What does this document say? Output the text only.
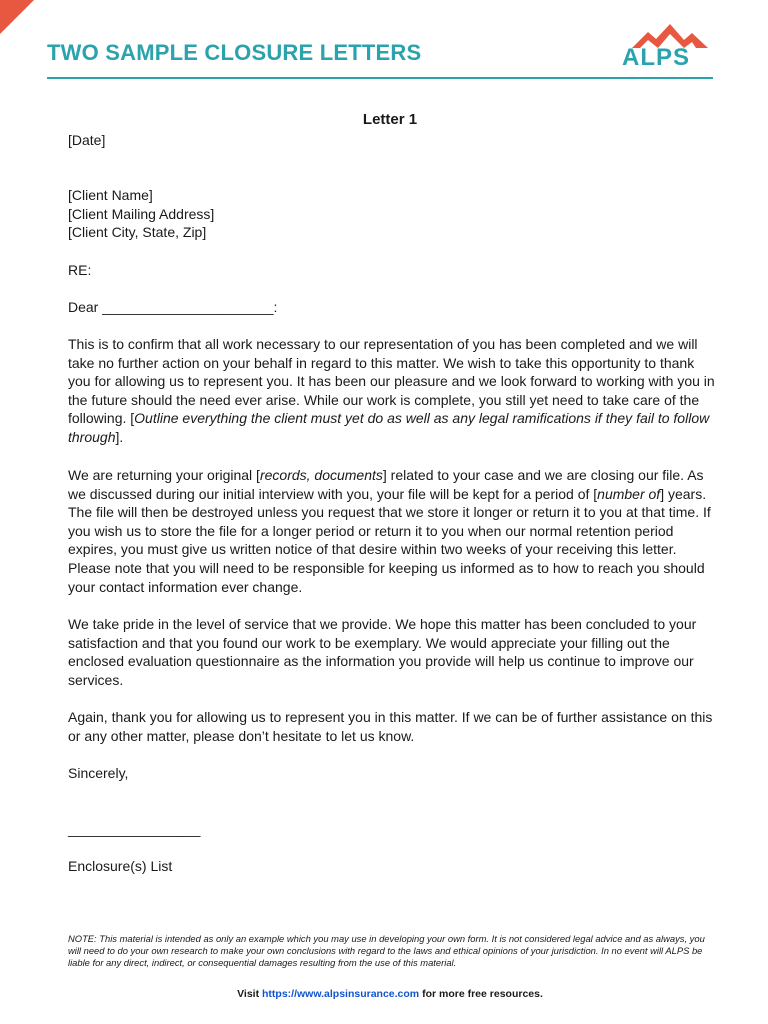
TWO SAMPLE CLOSURE LETTERS	ALPS
Letter 1

[Date]

[Client Name]

[Client Mailing Address]

[Client City, State, Zip]

RE:

Dear ______________________:

This is to confirm that all work necessary to our representation of you has been completed and we will take no further action on your behalf in regard to this matter. We wish to take this opportunity to thank you for allowing us to represent you. It has been our pleasure and we look forward to working with you in the future should the need ever arise. While our work is complete, you still yet need to take care of the following. [Outline everything the client must yet do as well as any legal ramifications if they fail to follow through].

We are returning your original [records, documents] related to your case and we are closing our file. As we discussed during our initial interview with you, your file will be kept for a period of [number of] years. The file will then be destroyed unless you request that we store it longer or return it to you at that time. If you wish us to store the file for a longer period or return it to you when our normal retention period expires, you must give us written notice of that desire within two weeks of your receiving this letter. Please note that you will need to be responsible for keeping us informed as to how to reach you should your contact information ever change.

We take pride in the level of service that we provide. We hope this matter has been concluded to your satisfaction and that you found our work to be exemplary. We would appreciate your filling out the enclosed evaluation questionnaire as the information you provide will help us continue to improve our services.

Again, thank you for allowing us to represent you in this matter. If we can be of further assistance on this or any other matter, please don’t hesitate to let us know.

Sincerely,

_________________

Enclosure(s) List

NOTE: This material is intended as only an example which you may use in developing your own form. It is not considered legal advice and as always, you will need to do your own research to make your own conclusions with regard to the laws and ethical opinions of your jurisdiction. In no event will ALPS be liable for any direct, indirect, or consequential damages resulting from the use of this material.
Visit https://www.alpsinsurance.com for more free resources.
